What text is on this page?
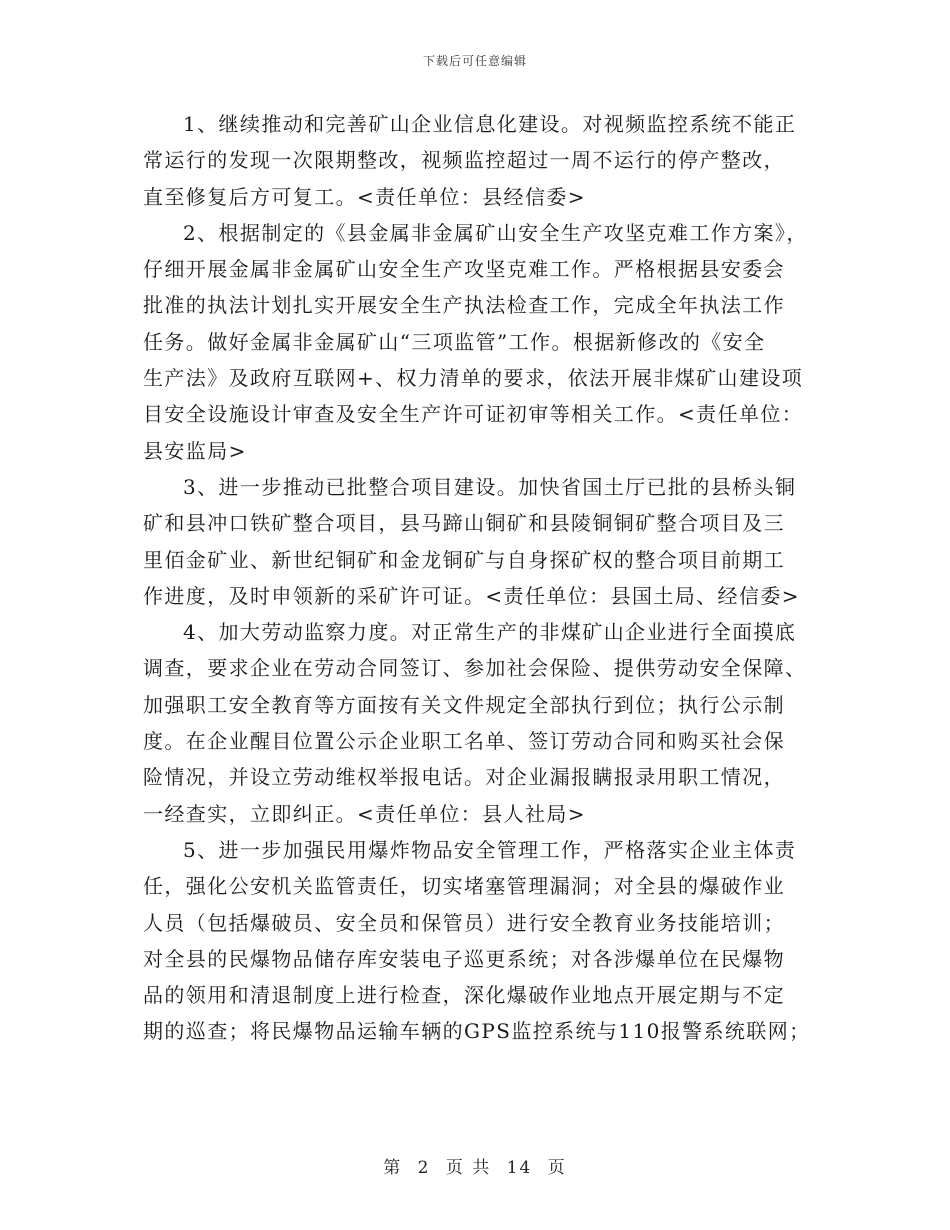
下载后可任意编辑

1、继续推动和完善矿山企业信息化建设。对视频监控系统不能正
常运行的发现一次限期整改，视频监控超过一周不运行的停产整改，
直至修复后方可复工。<责任单位：县经信委>

2、根据制定的《县金属非金属矿山安全生产攻坚克难工作方案》，
仔细开展金属非金属矿山安全生产攻坚克难工作。严格根据县安委会
批准的执法计划扎实开展安全生产执法检查工作，完成全年执法工作
任务。做好金属非金属矿山“三项监管”工作。根据新修改的《安全
生产法》及政府互联网+、权力清单的要求，依法开展非煤矿山建设项
目安全设施设计审查及安全生产许可证初审等相关工作。<责任单位：
县安监局>

3、进一步推动已批整合项目建设。加快省国土厅已批的县桥头铜
矿和县冲口铁矿整合项目，县马蹄山铜矿和县陵铜铜矿整合项目及三
里佰金矿业、新世纪铜矿和金龙铜矿与自身探矿权的整合项目前期工
作进度，及时申领新的采矿许可证。<责任单位：县国土局、经信委>

4、加大劳动监察力度。对正常生产的非煤矿山企业进行全面摸底
调查，要求企业在劳动合同签订、参加社会保险、提供劳动安全保障、
加强职工安全教育等方面按有关文件规定全部执行到位；执行公示制
度。在企业醒目位置公示企业职工名单、签订劳动合同和购买社会保
险情况，并设立劳动维权举报电话。对企业漏报瞒报录用职工情况，
一经查实，立即纠正。<责任单位：县人社局>

5、进一步加强民用爆炸物品安全管理工作，严格落实企业主体责
任，强化公安机关监管责任，切实堵塞管理漏洞；对全县的爆破作业
人员（包括爆破员、安全员和保管员）进行安全教育业务技能培训；
对全县的民爆物品储存库安装电子巡更系统；对各涉爆单位在民爆物
品的领用和清退制度上进行检查，深化爆破作业地点开展定期与不定
期的巡查；将民爆物品运输车辆的GPS监控系统与110报警系统联网；

第 2 页 共 14 页
